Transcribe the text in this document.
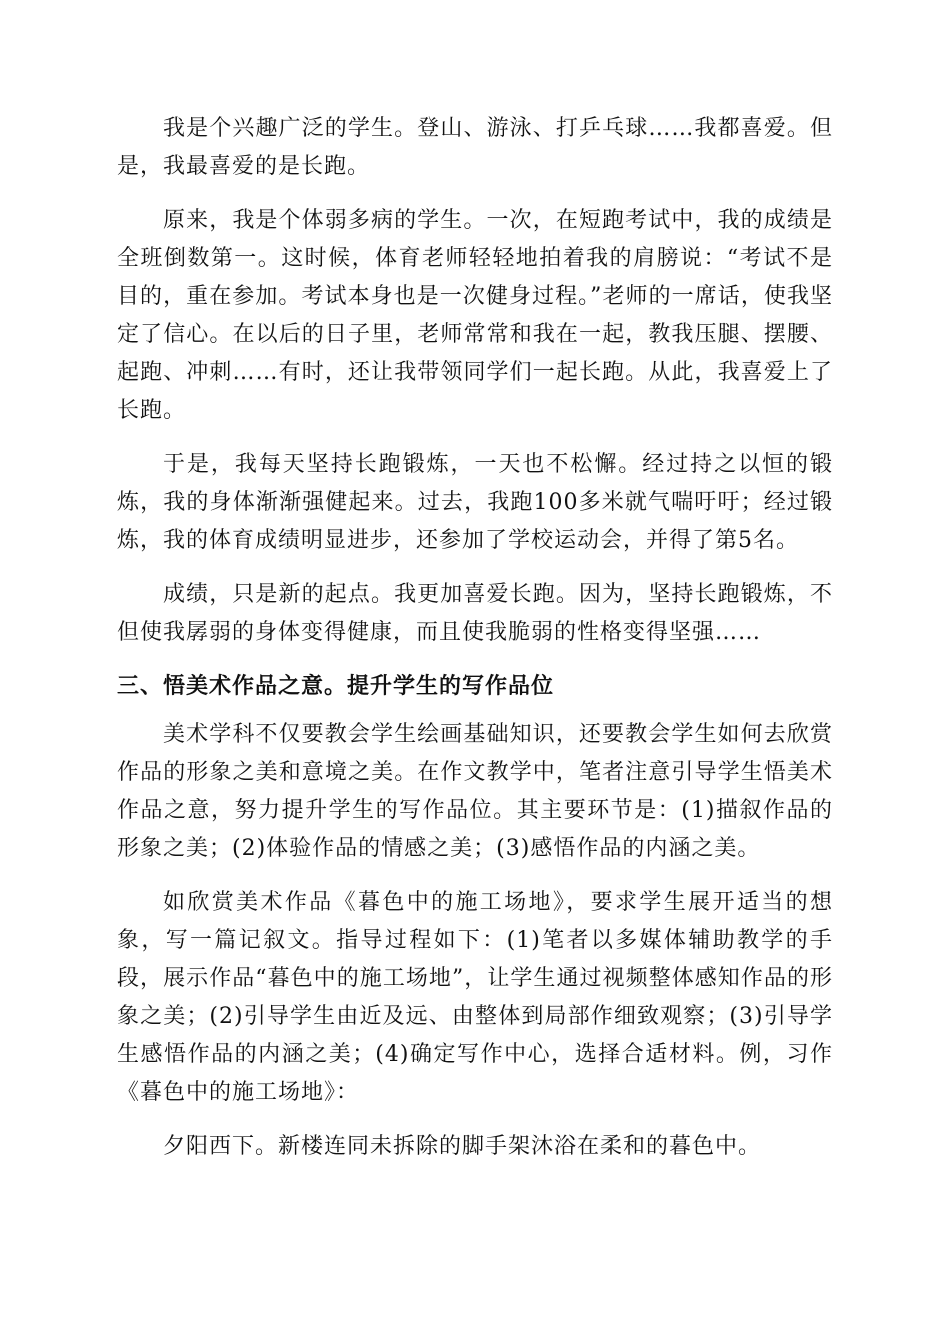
我是个兴趣广泛的学生。登山、游泳、打乒乓球……我都喜爱。但是，我最喜爱的是长跑。

原来，我是个体弱多病的学生。一次，在短跑考试中，我的成绩是全班倒数第一。这时候，体育老师轻轻地拍着我的肩膀说：“考试不是目的，重在参加。考试本身也是一次健身过程。”老师的一席话，使我坚定了信心。在以后的日子里，老师常常和我在一起，教我压腿、摆腰、起跑、冲刺……有时，还让我带领同学们一起长跑。从此，我喜爱上了长跑。

于是，我每天坚持长跑锻炼，一天也不松懈。经过持之以恒的锻炼，我的身体渐渐强健起来。过去，我跑100多米就气喘吁吁；经过锻炼，我的体育成绩明显进步，还参加了学校运动会，并得了第5名。

成绩，只是新的起点。我更加喜爱长跑。因为，坚持长跑锻炼，不但使我孱弱的身体变得健康，而且使我脆弱的性格变得坚强……

三、悟美术作品之意。提升学生的写作品位

美术学科不仅要教会学生绘画基础知识，还要教会学生如何去欣赏作品的形象之美和意境之美。在作文教学中，笔者注意引导学生悟美术作品之意，努力提升学生的写作品位。其主要环节是：(1)描叙作品的形象之美；(2)体验作品的情感之美；(3)感悟作品的内涵之美。

如欣赏美术作品《暮色中的施工场地》，要求学生展开适当的想象，写一篇记叙文。指导过程如下：(1)笔者以多媒体辅助教学的手段，展示作品“暮色中的施工场地”，让学生通过视频整体感知作品的形象之美；(2)引导学生由近及远、由整体到局部作细致观察；(3)引导学生感悟作品的内涵之美；(4)确定写作中心，选择合适材料。例，习作《暮色中的施工场地》：

夕阳西下。新楼连同未拆除的脚手架沐浴在柔和的暮色中。
